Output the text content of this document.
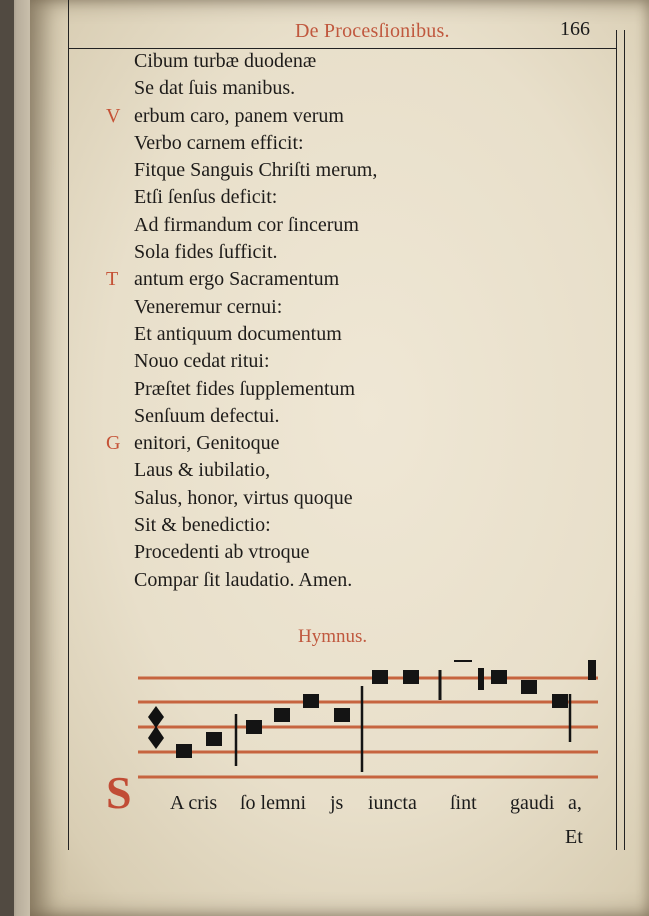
De Procesſionibus.	166
Cibum turbæ duodenæ
Se dat ſuis manibus.
V erbum caro, panem verum
Verbo carnem efficit:
Fitque Sanguis Chriſti merum,
Etſi ſenſus deficit:
Ad firmandum cor ſincerum
Sola fides ſufficit.
T antum ergo Sacramentum
Veneremur cernui:
Et antiquum documentum
Nouo cedat ritui:
Præſtet fides ſupplementum
Senſuum defectui.
G enitori, Genitoque
Laus & iubilatio,
Salus, honor, virtus quoque
Sit & benedictio:
Procedenti ab vtroque
Compar ſit laudatio. Amen.
Hymnus.
S A cris ſo lemni js iuncta ſint gaudi a,
Et
